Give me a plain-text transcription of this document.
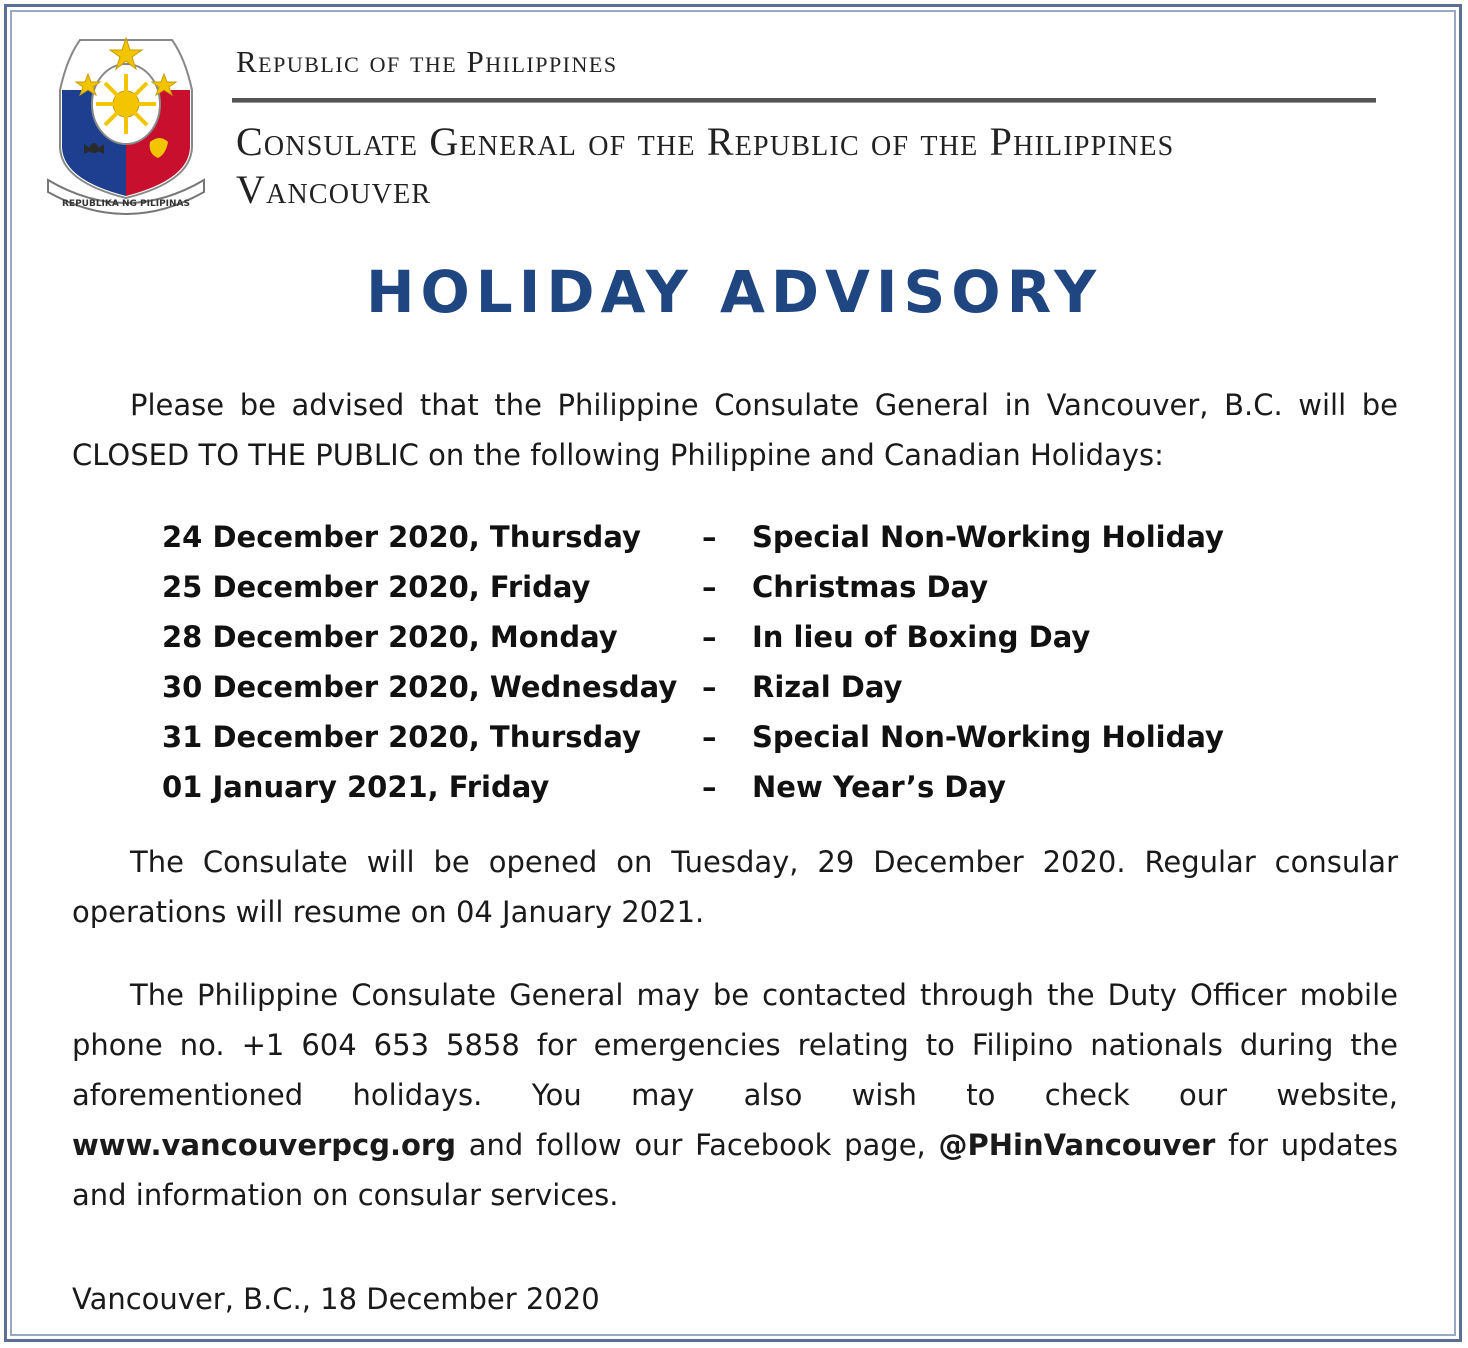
REPUBLIKA NG PILIPINAS
Republic of the Philippines
Consulate General of the Republic of the Philippines
Vancouver
HOLIDAY ADVISORY
Please be advised that the Philippine Consulate General in Vancouver, B.C. will be CLOSED TO THE PUBLIC on the following Philippine and Canadian Holidays:
24 December 2020, Thursday – Special Non-Working Holiday
25 December 2020, Friday	– Christmas Day
28 December 2020, Monday	– In lieu of Boxing Day
30 December 2020, Wednesday – Rizal Day
31 December 2020, Thursday – Special Non-Working Holiday
01 January 2021, Friday	– New Year’s Day
The Consulate will be opened on Tuesday, 29 December 2020. Regular consular operations will resume on 04 January 2021.
The Philippine Consulate General may be contacted through the Duty Officer mobile phone no. +1 604 653 5858 for emergencies relating to Filipino nationals during the aforementioned holidays. You may also wish to check our website, www.vancouverpcg.org and follow our Facebook page, @PHinVancouver for updates and information on consular services.
Vancouver, B.C., 18 December 2020
